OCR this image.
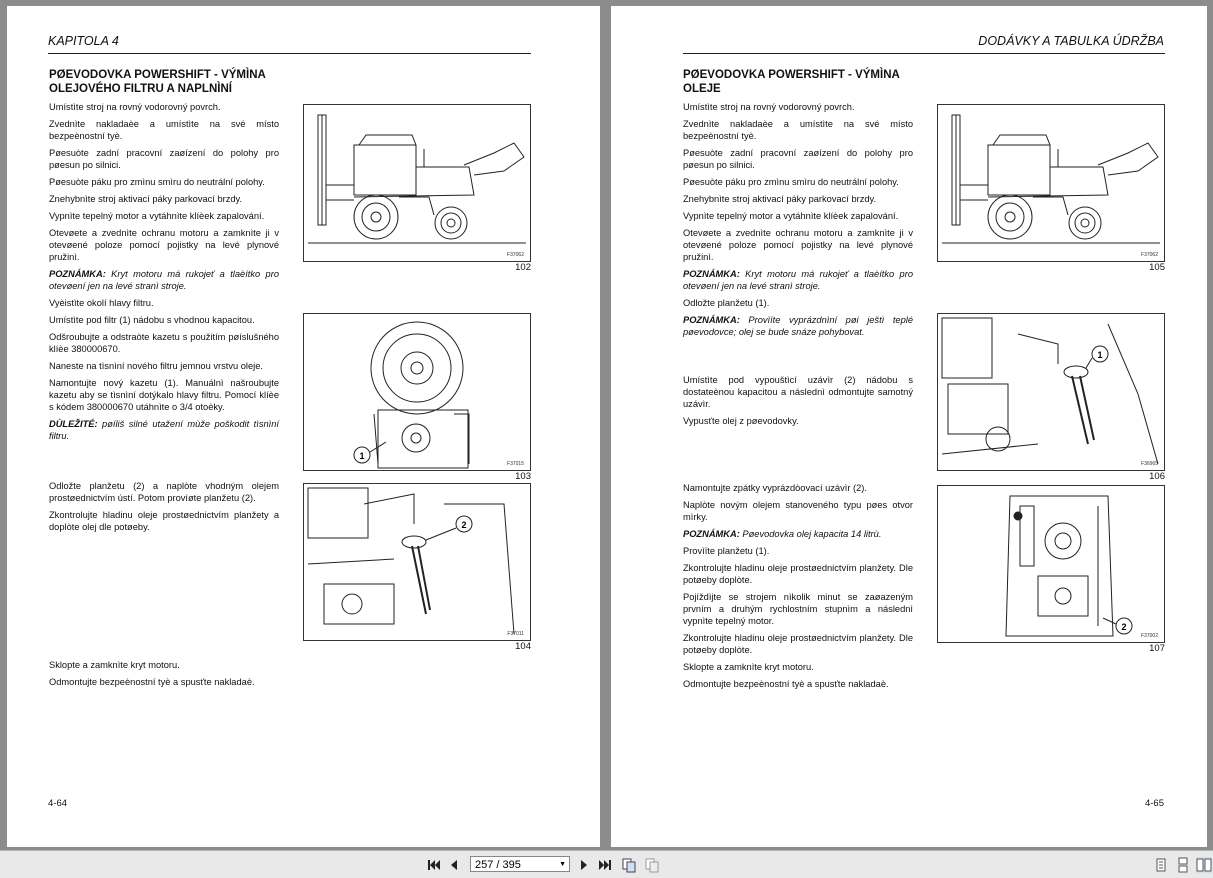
KAPITOLA 4
PØEVODOVKA POWERSHIFT - VÝMÌNA OLEJOVÉHO FILTRU A NAPLNÌNÍ

Umístìte stroj na rovný vodorovný povrch.

Zvednìte nakladaèe a umístìte na své místo bezpeènostní tyè.

Pøesuòte zadní pracovní zaøízení do polohy pro pøesun po silnici.

Pøesuòte páku pro zmìnu smìru do neutrální polohy.

Znehybnìte stroj aktivací páky parkovací brzdy.

Vypnìte tepelný motor a vytáhnìte klíèek zapalování.

Otevøete a zvednìte ochranu motoru a zamknìte ji v otevøené poloze pomocí pojistky na levé plynové pružinì.

POZNÁMKA: Kryt motoru má rukojeť a tlaèítko pro otevøení jen na levé stranì stroje.

Vyèistìte okolí hlavy filtru.

Umístìte pod filtr (1) nádobu s vhodnou kapacitou.

Odšroubujte a odstraòte kazetu s použitím pøíslušného klíèe 380000670.

Naneste na tìsnìní nového filtru jemnou vrstvu oleje.

Namontujte nový kazetu (1). Manuálnì našroubujte kazetu aby se tìsnìní dotýkalo hlavy filtru. Pomocí klíèe s kódem 380000670 utáhnìte o 3/4 otoèky.

DÙLEŽITÉ: pøíliš silné utažení mùže poškodit tìsnìní filtru.

Odložte planžetu (2) a naplòte vhodným olejem prostøednictvím ústí. Potom provìøte planžetu (2).

Zkontrolujte hladinu oleje prostøednictvím planžety a doplòte olej dle potøeby.

Sklopte a zamknìte kryt motoru.

Odmontujte bezpeènostní tyè a spusťte nakladaè.

F37062
102
1
F37015
103
2
F37011
104
4-64
DODÁVKY A TABULKA ÚDRŽBA
PØEVODOVKA POWERSHIFT - VÝMÌNA OLEJE

Umístìte stroj na rovný vodorovný povrch.

Zvednìte nakladaèe a umístìte na své místo bezpeènostní tyè.

Pøesuòte zadní pracovní zaøízení do polohy pro pøesun po silnici.

Pøesuòte páku pro zmìnu smìru do neutrální polohy.

Znehybnìte stroj aktivací páky parkovací brzdy.

Vypnìte tepelný motor a vytáhnìte klíèek zapalování.

Otevøete a zvednìte ochranu motoru a zamknìte ji v otevøené poloze pomocí pojistky na levé plynové pružinì.

POZNÁMKA: Kryt motoru má rukojeť a tlaèítko pro otevøení jen na levé stranì stroje.

Odložte planžetu (1).

POZNÁMKA: Provìïte vyprázdnìní pøi ještì teplé pøevodovce; olej se bude snáze pohybovat.

Umístìte pod vypouštìcí uzávìr (2) nádobu s dostateènou kapacitou a následnì odmontujte samotný uzávìr.

Vypusťte olej z pøevodovky.

Namontujte zpátky vyprázdòovací uzávìr (2).

Naplòte novým olejem stanoveného typu pøes otvor mìrky.

POZNÁMKA: Pøevodovka olej kapacita 14 litrù.

Provìïte planžetu (1).

Zkontrolujte hladinu oleje prostøednictvím planžety. Dle potøeby doplòte.

Pojíždìjte se strojem nìkolik minut se zaøazeným prvním a druhým rychlostním stupnìm a následnì vypnìte tepelný motor.

Zkontrolujte hladinu oleje prostøednictvím planžety. Dle potøeby doplòte.

Sklopte a zamknìte kryt motoru.

Odmontujte bezpeènostní tyè a spusťte nakladaè.

F37062
105
1
F36965
106
2
F37002
107
4-65
257 / 395	▼
